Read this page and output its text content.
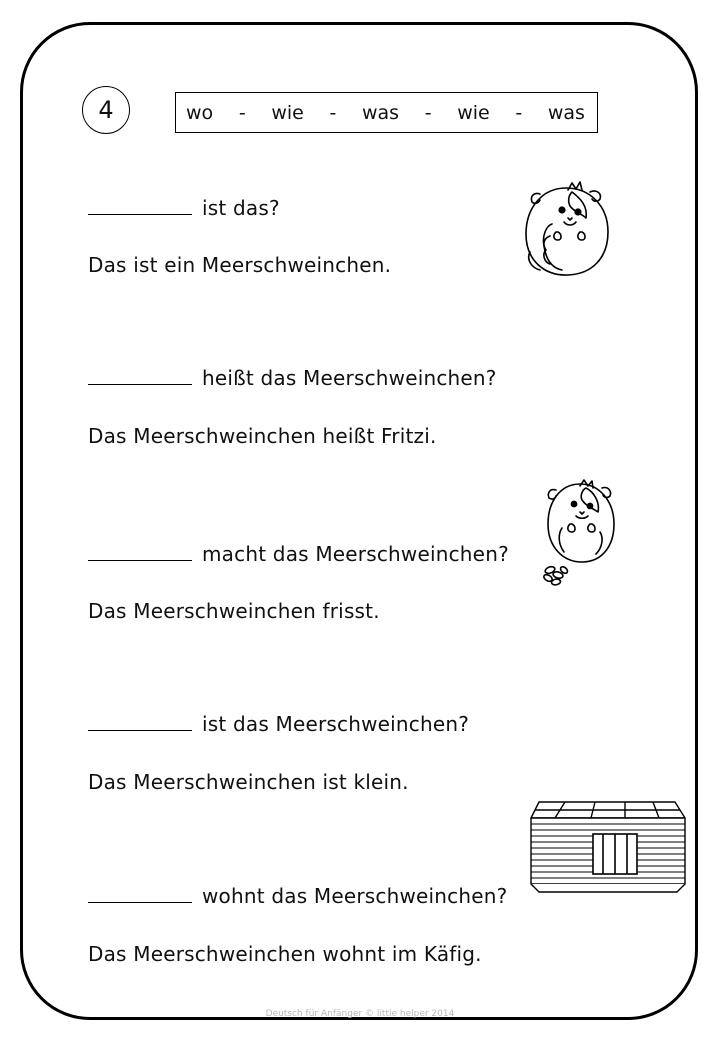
4	wo - wie - was - wie - was
ist das?
Das ist ein Meerschweinchen.
heißt das Meerschweinchen?
Das Meerschweinchen heißt Fritzi.
macht das Meerschweinchen?
Das Meerschweinchen frisst.
ist das Meerschweinchen?
Das Meerschweinchen ist klein.
wohnt das Meerschweinchen?
Das Meerschweinchen wohnt im Käfig.
Deutsch für Anfänger © little helper 2014
